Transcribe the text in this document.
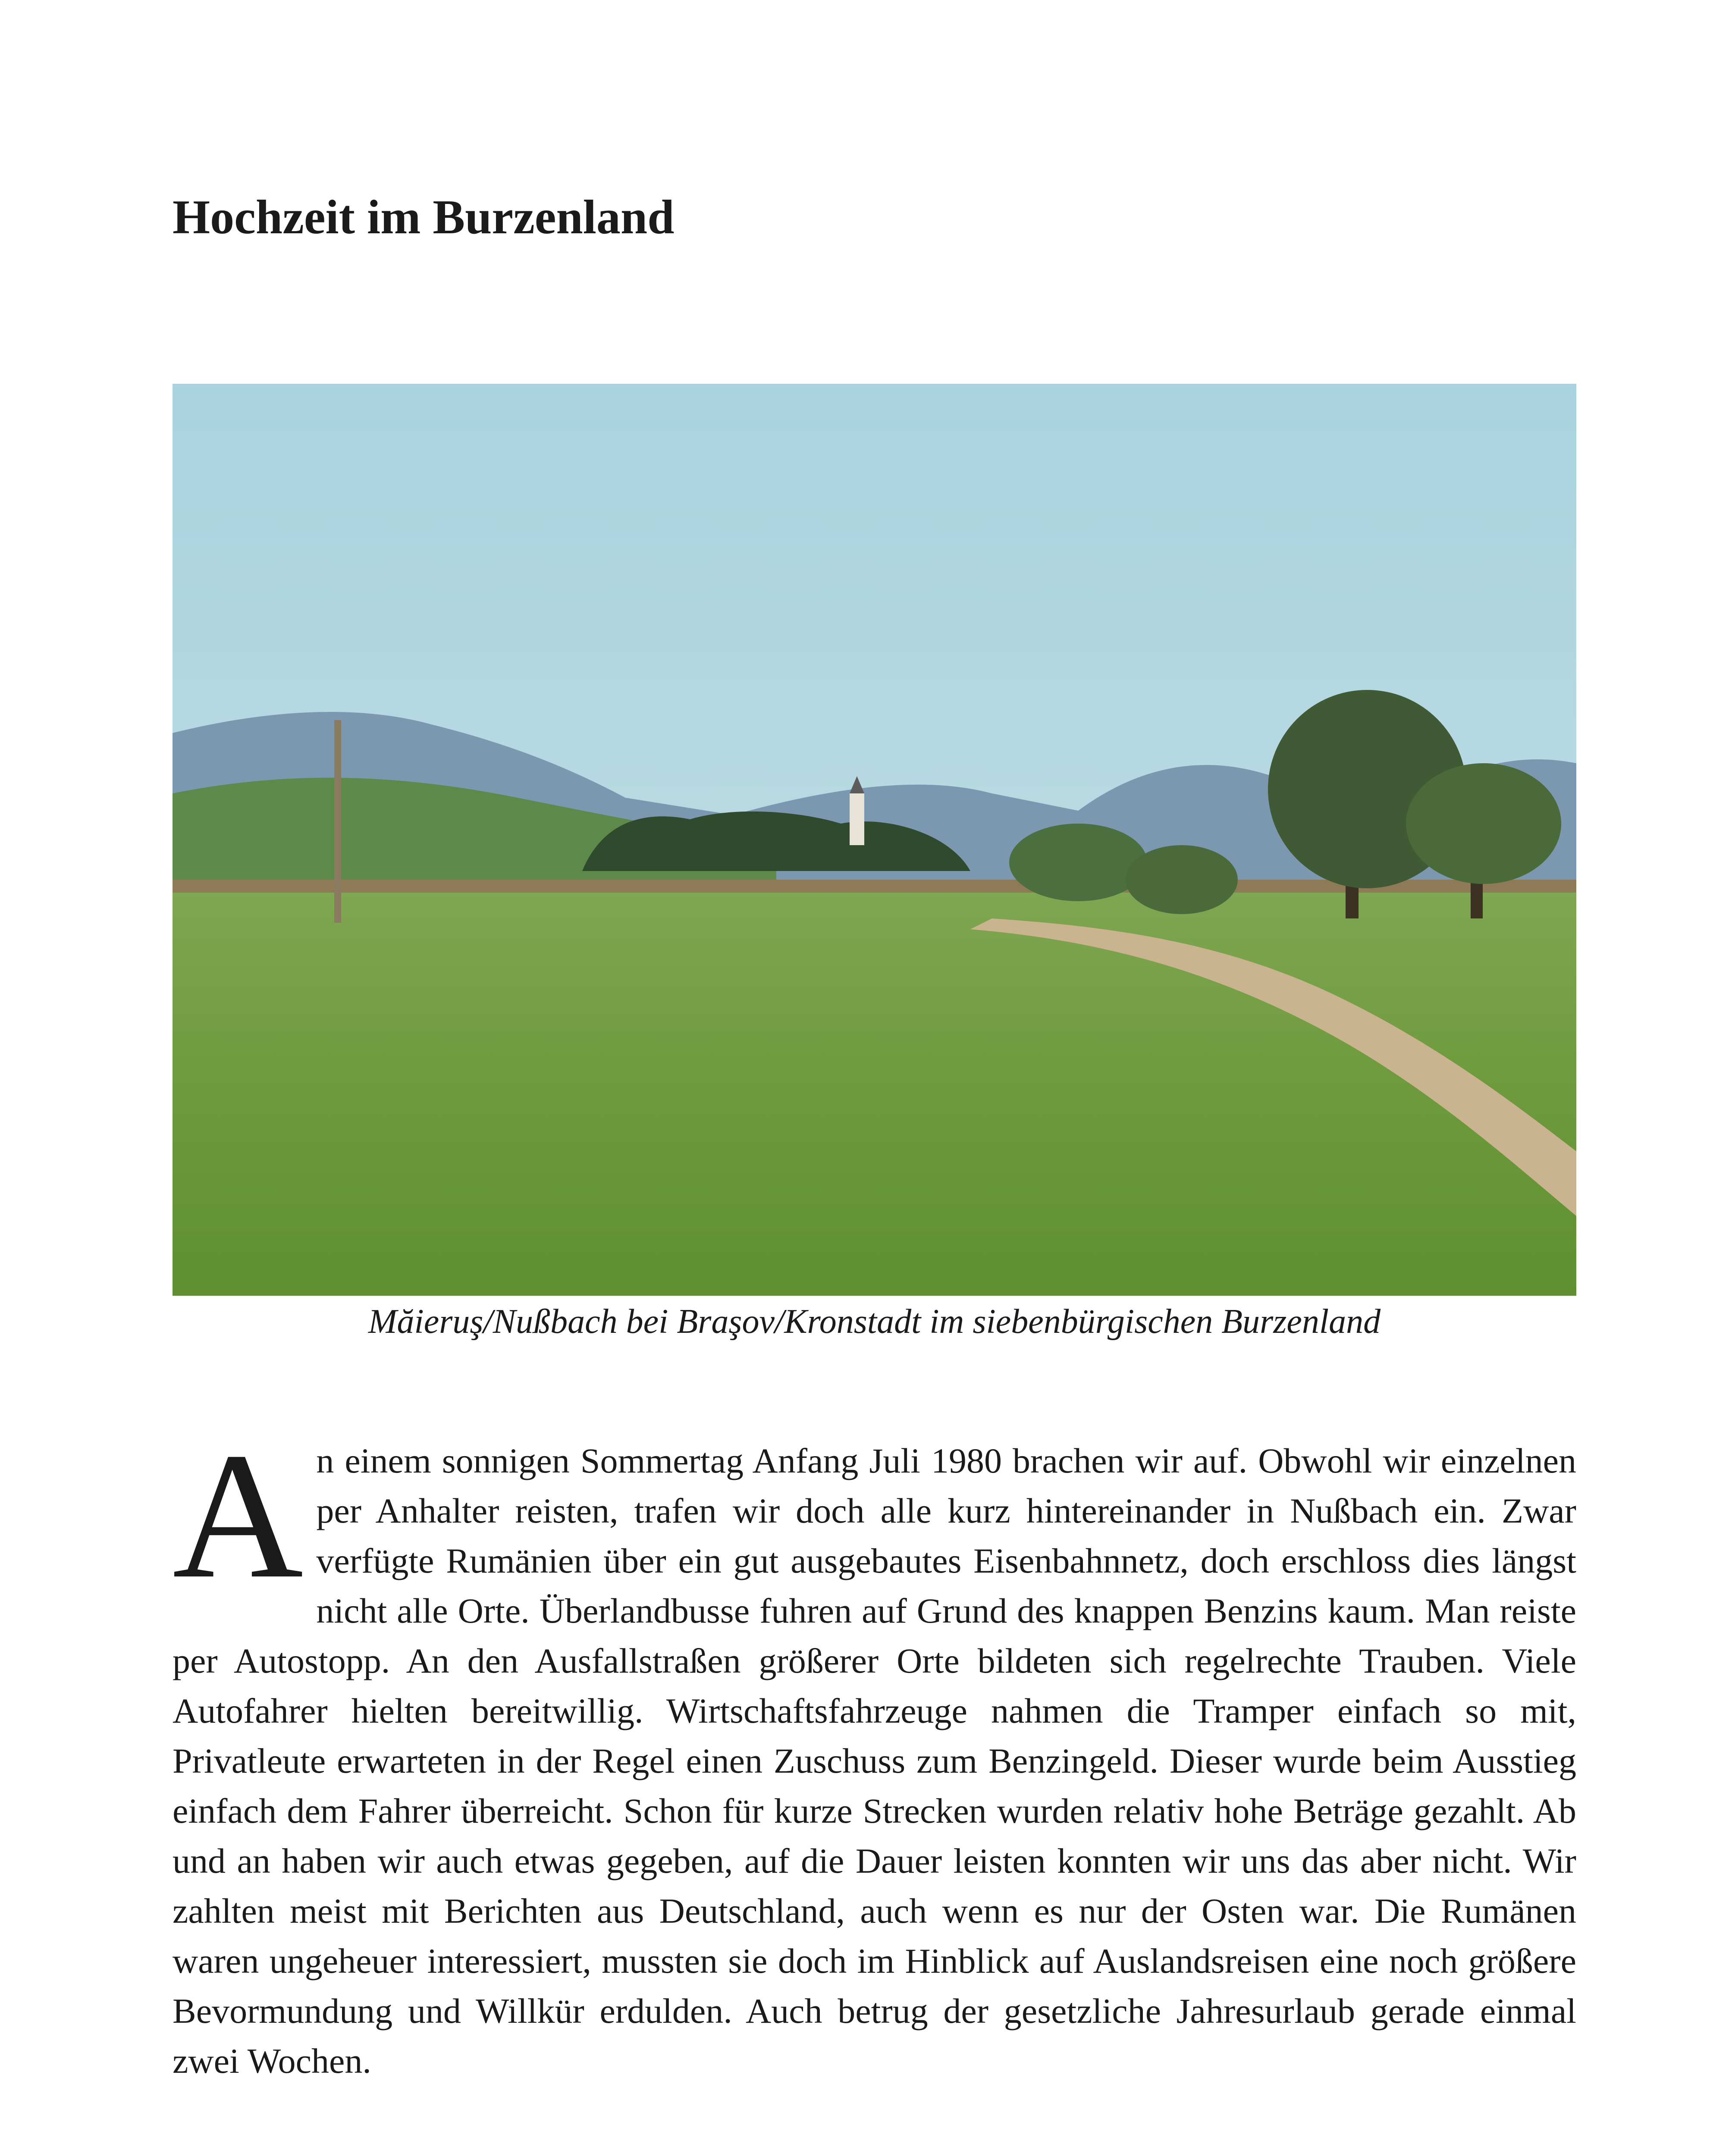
Hochzeit im Burzenland
Măieruş/Nußbach bei Braşov/Kronstadt im siebenbürgischen Burzenland

An einem sonnigen Sommertag Anfang Juli 1980 brachen wir auf. Obwohl wir einzelnen per Anhalter reisten, trafen wir doch alle kurz hintereinander in Nußbach ein. Zwar verfügte Rumänien über ein gut ausgebautes Eisenbahnnetz, doch erschloss dies längst nicht alle Orte. Überlandbusse fuhren auf Grund des knappen Benzins kaum. Man reiste per Autostopp. An den Ausfallstraßen größerer Orte bildeten sich regelrechte Trauben. Viele Autofahrer hielten bereitwillig. Wirtschaftsfahrzeuge nahmen die Tramper einfach so mit, Privatleute erwarteten in der Regel einen Zuschuss zum Benzingeld. Dieser wurde beim Ausstieg einfach dem Fahrer überreicht. Schon für kurze Strecken wurden relativ hohe Beträge gezahlt. Ab und an haben wir auch etwas gegeben, auf die Dauer leisten konnten wir uns das aber nicht. Wir zahlten meist mit Berichten aus Deutschland, auch wenn es nur der Osten war. Die Rumänen waren ungeheuer interessiert, mussten sie doch im Hinblick auf Auslandsreisen eine noch größere Bevormundung und Willkür erdulden. Auch betrug der gesetzliche Jahresurlaub gerade einmal zwei Wochen.
